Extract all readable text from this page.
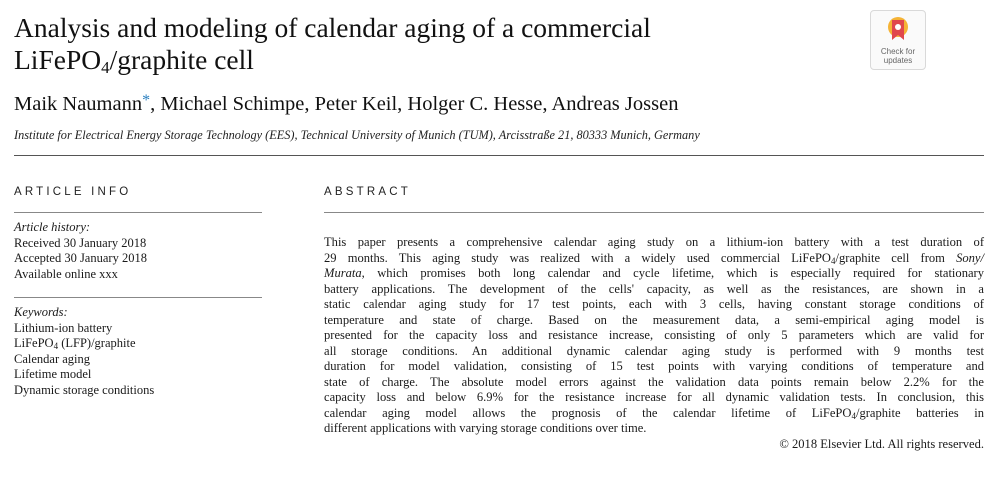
Analysis and modeling of calendar aging of a commercial
LiFePO$_4$/graphite cell	Check for
updates
Maik Naumann*, Michael Schimpe, Peter Keil, Holger C. Hesse, Andreas Jossen
Institute for Electrical Energy Storage Technology (EES), Technical University of Munich (TUM), Arcisstraße 21, 80333 Munich, Germany
ARTICLE INFO	ABSTRACT
Article history:
Received 30 January 2018
Accepted 30 January 2018
Available online xxx
Keywords:
Lithium-ion battery
LiFePO$_4$ (LFP)/graphite
Calendar aging
Lifetime model
Dynamic storage conditions
This paper presents a comprehensive calendar aging study on a lithium-ion battery with a test duration of
29 months. This aging study was realized with a widely used commercial LiFePO$_4$/graphite cell from Sony/
Murata, which promises both long calendar and cycle lifetime, which is especially required for stationary
battery applications. The development of the cells' capacity, as well as the resistances, are shown in a
static calendar aging study for 17 test points, each with 3 cells, having constant storage conditions of
temperature and state of charge. Based on the measurement data, a semi-empirical aging model is
presented for the capacity loss and resistance increase, consisting of only 5 parameters which are valid for
all storage conditions. An additional dynamic calendar aging study is performed with 9 months test
duration for model validation, consisting of 15 test points with varying conditions of temperature and
state of charge. The absolute model errors against the validation data points remain below 2.2% for the
capacity loss and below 6.9% for the resistance increase for all dynamic validation tests. In conclusion, this
calendar aging model allows the prognosis of the calendar lifetime of LiFePO$_4$/graphite batteries in
different applications with varying storage conditions over time.
© 2018 Elsevier Ltd. All rights reserved.
